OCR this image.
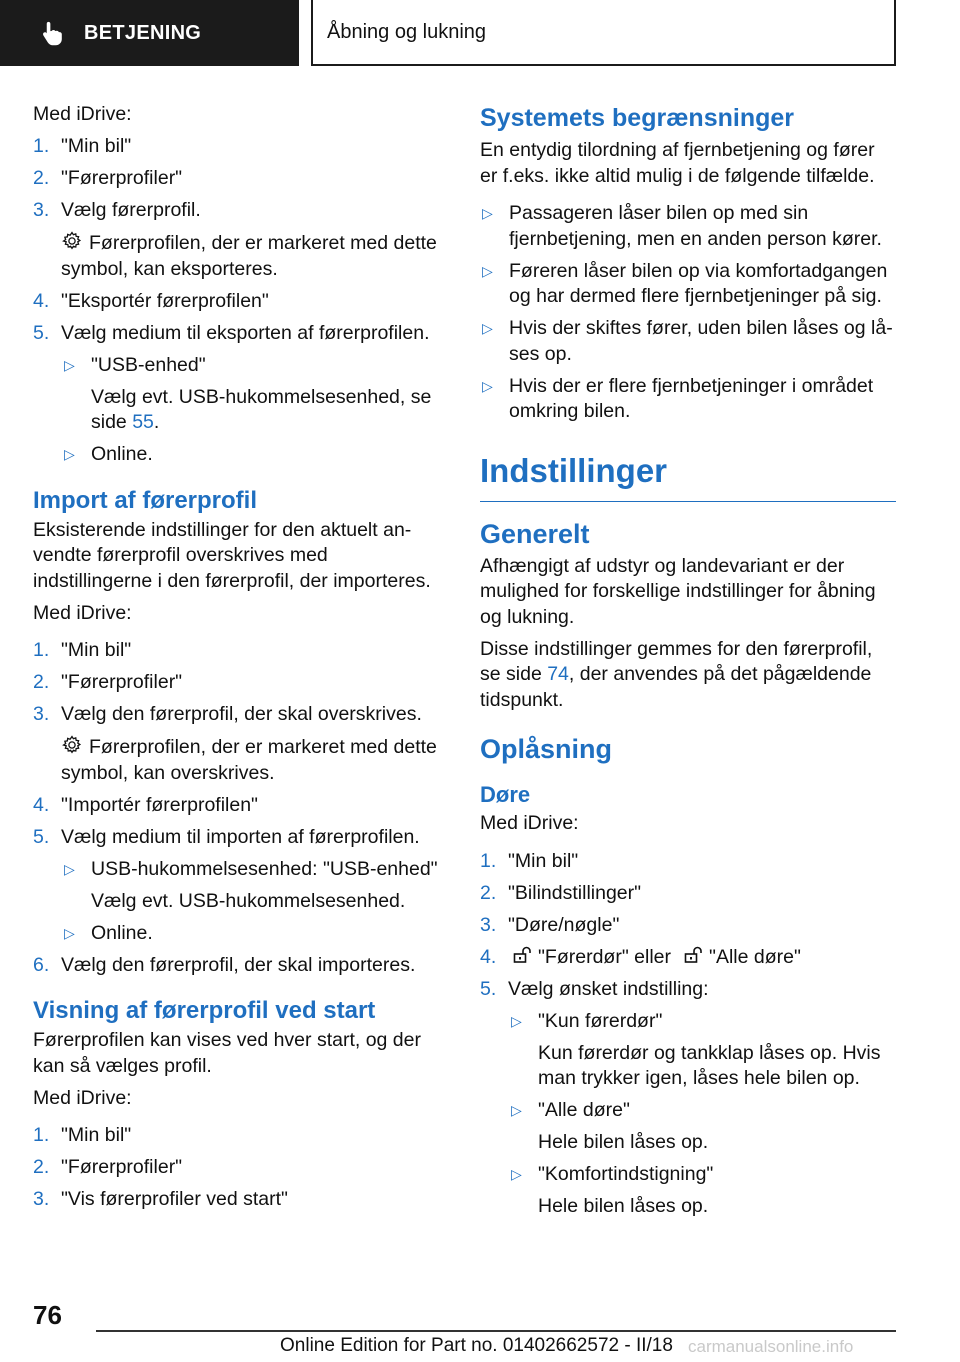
BETJENING	Åbning og lukning

Med iDrive:

1. "Min bil"
2. "Førerprofiler"
3. Vælg førerprofil.

Førerprofilen, der er markeret med dette symbol, kan eksporteres.

4. "Eksportér førerprofilen"
5. Vælg medium til eksporten af førerprofilen.
▷ "USB-enhed"

Vælg evt. USB-hukommelsesenhed, se side 55.

▷ Online.
Import af førerprofil

Eksisterende indstillinger for den aktuelt anvendte førerprofil overskrives med indstillingerne i den førerprofil, der importeres.

Med iDrive:

1. "Min bil"
2. "Førerprofiler"
3. Vælg den førerprofil, der skal overskrives.

Førerprofilen, der er markeret med dette symbol, kan overskrives.

4. "Importér førerprofilen"
5. Vælg medium til importen af førerprofilen.
▷ USB-hukommelsesenhed: "USB-enhed"

Vælg evt. USB-hukommelsesenhed.

▷ Online.
6. Vælg den førerprofil, der skal importeres.
Visning af førerprofil ved start

Førerprofilen kan vises ved hver start, og der kan så vælges profil.

Med iDrive:

1. "Min bil"
2. "Førerprofiler"
3. "Vis førerprofiler ved start"
Systemets begrænsninger

En entydig tilordning af fjernbetjening og fører er f.eks. ikke altid mulig i de følgende tilfælde.

▷ Passageren låser bilen op med sin fjernbetjening, men en anden person kører.
▷ Føreren låser bilen op via komfortadgangen og har dermed flere fjernbetjeninger på sig.
▷ Hvis der skiftes fører, uden bilen låses og låses op.
▷ Hvis der er flere fjernbetjeninger i området omkring bilen.
Indstillinger
Generelt

Afhængigt af udstyr og landevariant er der mulighed for forskellige indstillinger for åbning og lukning.

Disse indstillinger gemmes for den førerprofil, se side 74, der anvendes på det pågældende tidspunkt.

Oplåsning
Døre

Med iDrive:

1. "Min bil"
2. "Bilindstillinger"
3. "Døre/nøgle"
4.	"Førerdør" eller "Alle døre"
5. Vælg ønsket indstilling:
▷ "Kun førerdør"

Kun førerdør og tankklap låses op. Hvis man trykker igen, låses hele bilen op.

▷ "Alle døre"

Hele bilen låses op.

▷ "Komfortindstigning"

Hele bilen låses op.

76
Online Edition for Part no. 01402662572 - II/18 carmanualsonline.info
